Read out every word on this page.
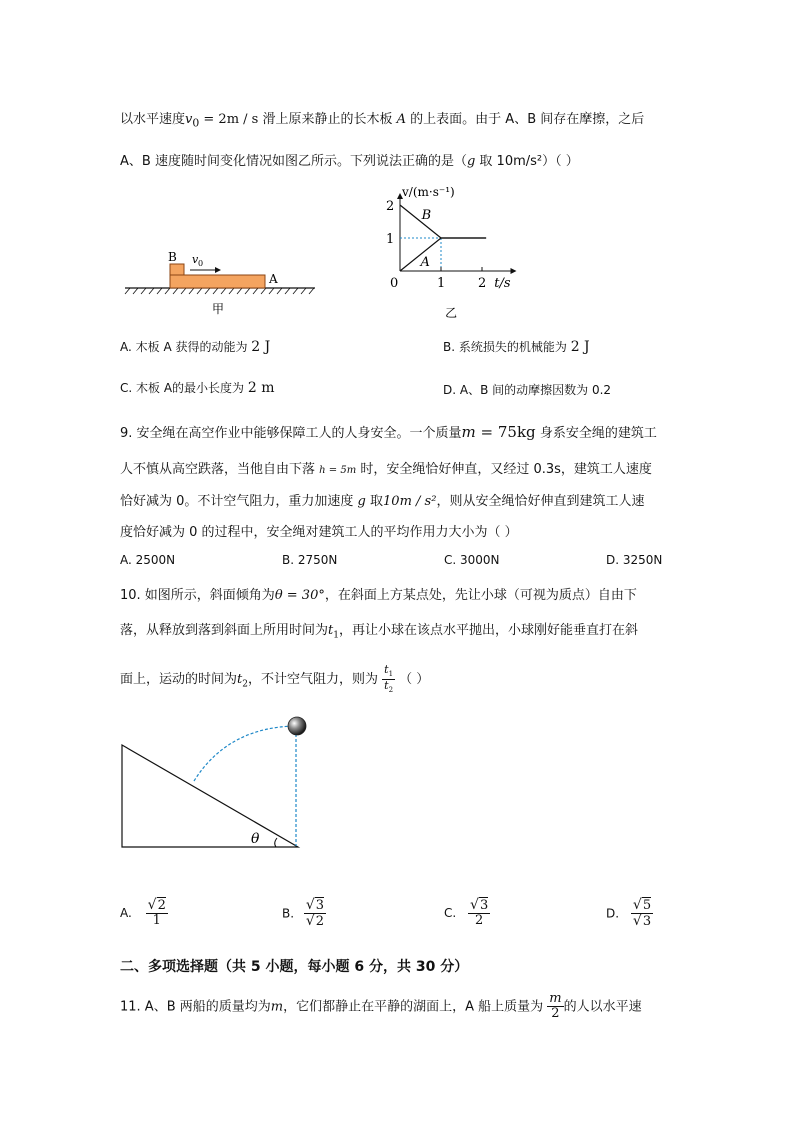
以水平速度$v_0 = 2m / s$ 滑上原来静止的长木板 A 的上表面。由于 A、B 间存在摩擦，之后
A、B 速度随时间变化情况如图乙所示。下列说法正确的是（g 取 10m/s²）（ ）
B
A
v 0
甲
1	2
2
1
0
v/(m·s⁻¹)
t/s
B
A
乙
A. 木板 A 获得的动能为 2 J	B. 系统损失的机械能为 2 J
C. 木板 A的最小长度为 2 m	D. A、B 间的动摩擦因数为 0.2
9. 安全绳在高空作业中能够保障工人的人身安全。一个质量m = 75kg 身系安全绳的建筑工
人不慎从高空跌落，当他自由下落 h = 5m 时，安全绳恰好伸直，又经过 0.3s，建筑工人速度
恰好减为 0。不计空气阻力，重力加速度 g 取10m / s²，则从安全绳恰好伸直到建筑工人速
度恰好减为 0 的过程中，安全绳对建筑工人的平均作用力大小为（ ）
A. 2500N	B. 2750N	C. 3000N	D. 3250N
10. 如图所示，斜面倾角为θ = 30°，在斜面上方某点处，先让小球（可视为质点）自由下
落，从释放到落到斜面上所用时间为$t_1$，再让小球在该点水平抛出，小球刚好能垂直打在斜
面上，运动的时间为$t_2$，不计空气阻力，则为 $\frac{t_1}{t_2}$ （ ）
θ
A. $\frac{√2}{1}$	B. $\frac{√3}{√2}$	C. $\frac{√3}{2}$	D. $\frac{√5}{√3}$
二、多项选择题（共 5 小题，每小题 6 分，共 30 分）
11. A、B 两船的质量均为m，它们都静止在平静的湖面上，A 船上质量为 $\frac{m}{2}$ 的人以水平速
